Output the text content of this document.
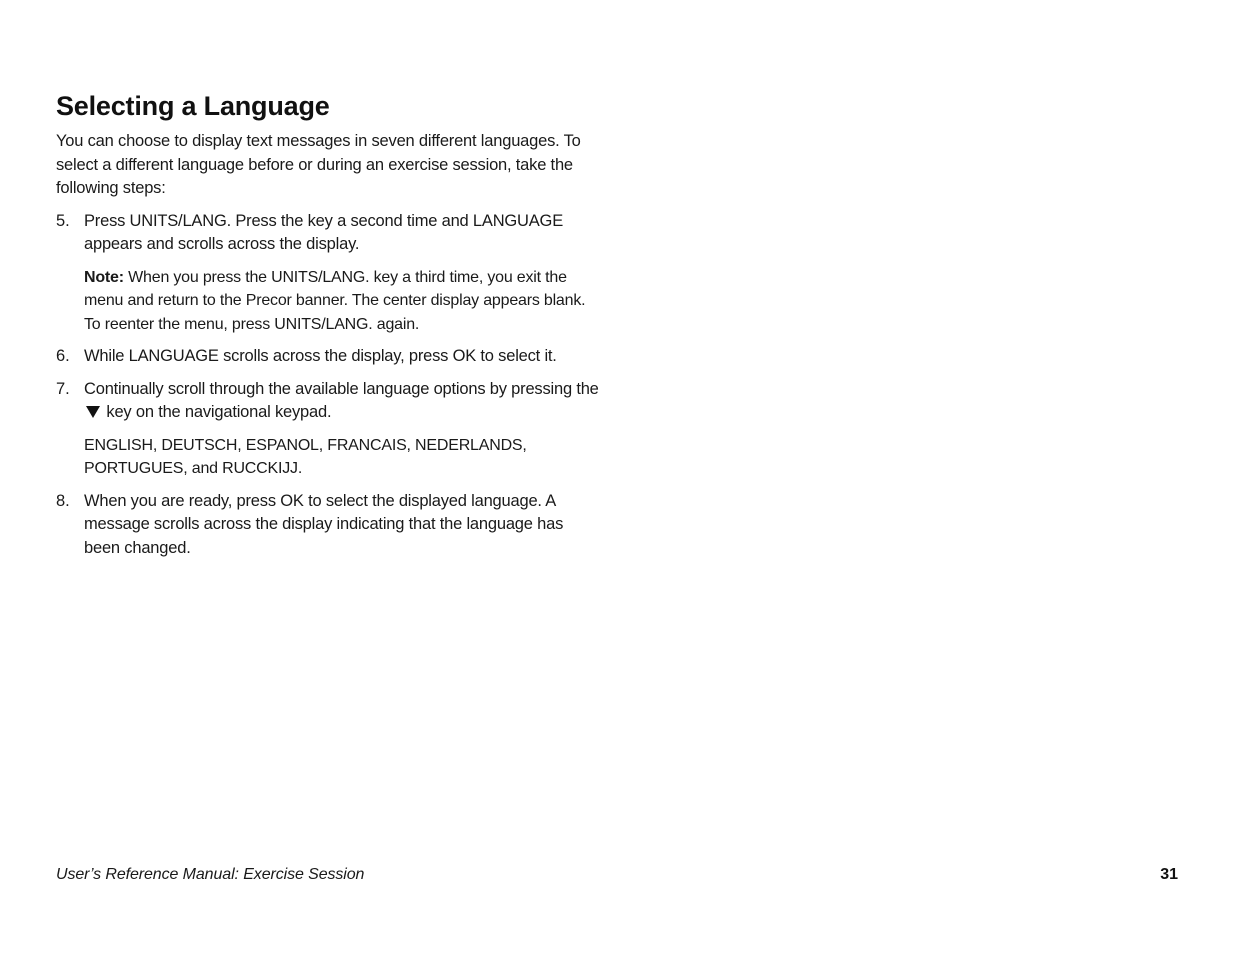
Selecting a Language

You can choose to display text messages in seven different languages. To select a different language before or during an exercise session, take the following steps:

5. Press UNITS/LANG. Press the key a second time and LANGUAGE appears and scrolls across the display.

Note: When you press the UNITS/LANG. key a third time, you exit the menu and return to the Precor banner. The center display appears blank. To reenter the menu, press UNITS/LANG. again.

6. While LANGUAGE scrolls across the display, press OK to select it.

7. Continually scroll through the available language options by pressing the  key on the navigational keypad.

ENGLISH, DEUTSCH, ESPANOL, FRANCAIS, NEDERLANDS, PORTUGUES, and RUCCKIJJ.

8. When you are ready, press OK to select the displayed language. A message scrolls across the display indicating that the language has been changed.

User’s Reference Manual: Exercise Session	31
